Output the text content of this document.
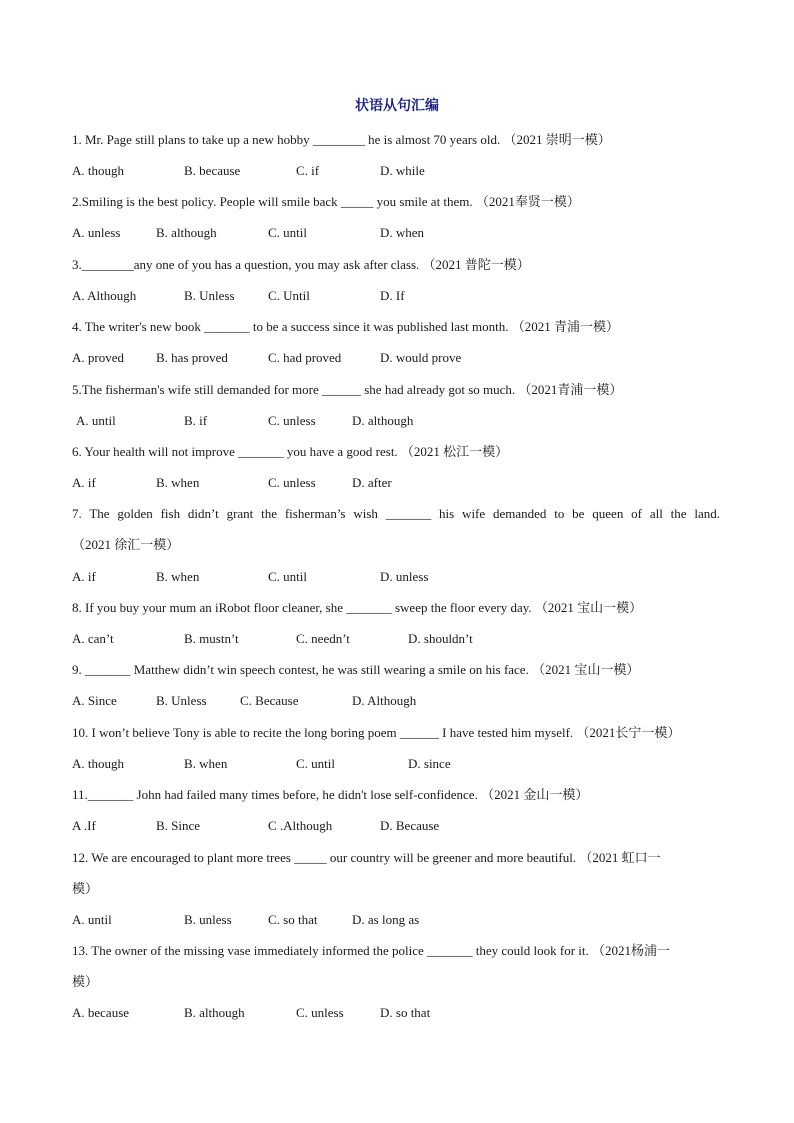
状语从句汇编
1. Mr. Page still plans to take up a new hobby ________ he is almost 70 years old. （2021 崇明一模）
A. though	B. because	C. if	D. while
2.Smiling is the best policy. People will smile back _____ you smile at them. （2021奉贤一模）
A. unless	B. although	C. until	D. when
3.________any one of you has a question, you may ask after class. （2021 普陀一模）
A. Although	B. Unless	C. Until	D. If
4. The writer's new book _______ to be a success since it was published last month. （2021 青浦一模）
A. proved B. has proved	C. had proved	D. would prove
5.The fisherman's wife still demanded for more ______ she had already got so much. （2021青浦一模）
A. until	B. if	C. unless	D. although
6. Your health will not improve _______ you have a good rest. （2021 松江一模）
A. if	B. when	C. unless	D. after
7. The golden fish didn’t grant the fisherman’s wish _______ his wife demanded to be queen of all the land.
（2021 徐汇一模）
A. if	B. when	C. until	D. unless
8. If you buy your mum an iRobot floor cleaner, she _______ sweep the floor every day. （2021 宝山一模）
A. can’t	B. mustn’t	C. needn’t	D. shouldn’t
9. _______ Matthew didn’t win speech contest, he was still wearing a smile on his face. （2021 宝山一模）
A. Since	B. Unless	C. Because	D. Although
10. I won’t believe Tony is able to recite the long boring poem ______ I have tested him myself. （2021长宁一模）
A. though	B. when	C. until	D. since
11._______ John had failed many times before, he didn't lose self-confidence. （2021 金山一模）
A .If	B. Since	C .Although	D. Because
12. We are encouraged to plant more trees _____ our country will be greener and more beautiful. （2021 虹口一
模）
A. until	B. unless	C. so that	D. as long as
13. The owner of the missing vase immediately informed the police _______ they could look for it. （2021杨浦一
模）
A. because	B. although	C. unless	D. so that
